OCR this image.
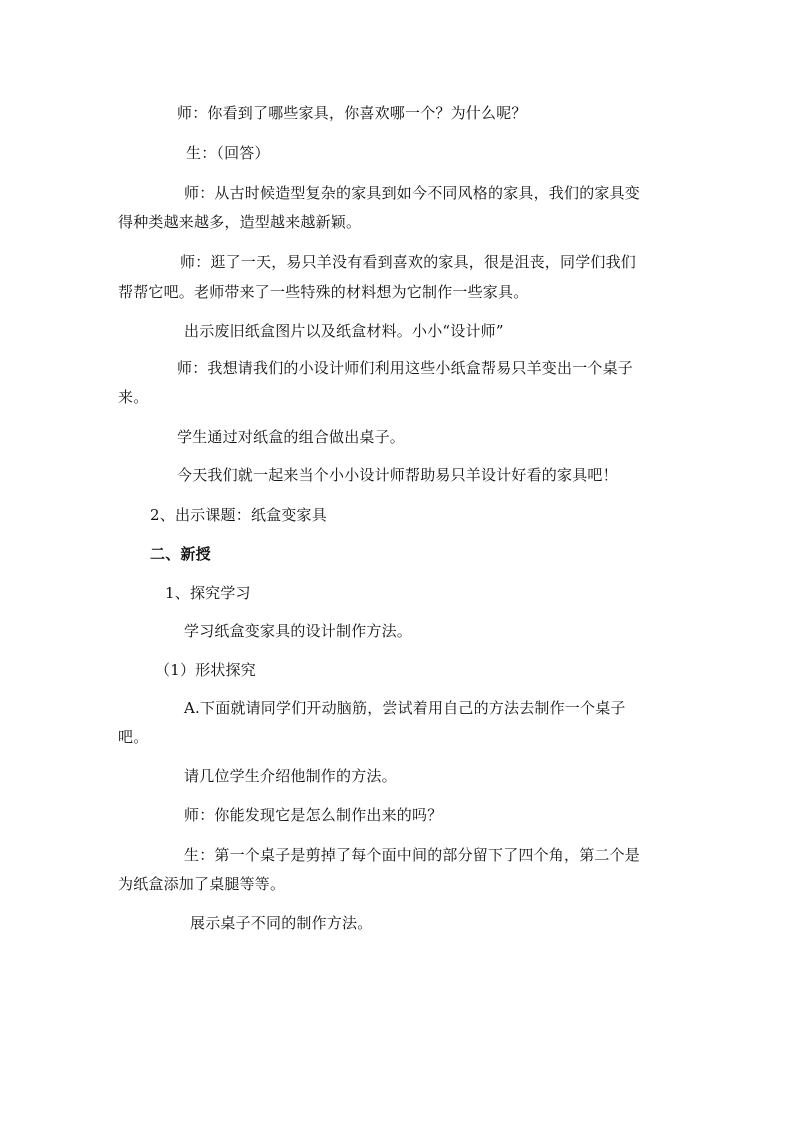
师：你看到了哪些家具，你喜欢哪一个？为什么呢？
生：（回答）
师：从古时候造型复杂的家具到如今不同风格的家具，我们的家具变
得种类越来越多，造型越来越新颖。
师：逛了一天，易只羊没有看到喜欢的家具，很是沮丧，同学们我们
帮帮它吧。老师带来了一些特殊的材料想为它制作一些家具。
出示废旧纸盒图片以及纸盒材料。小小“设计师”
师：我想请我们的小设计师们利用这些小纸盒帮易只羊变出一个桌子
来。
学生通过对纸盒的组合做出桌子。
今天我们就一起来当个小小设计师帮助易只羊设计好看的家具吧！
2、出示课题：纸盒变家具
二、新授
1、探究学习
学习纸盒变家具的设计制作方法。
（1）形状探究
A.下面就请同学们开动脑筋，尝试着用自己的方法去制作一个桌子
吧。
请几位学生介绍他制作的方法。
师：你能发现它是怎么制作出来的吗？
生：第一个桌子是剪掉了每个面中间的部分留下了四个角，第二个是
为纸盒添加了桌腿等等。
展示桌子不同的制作方法。
